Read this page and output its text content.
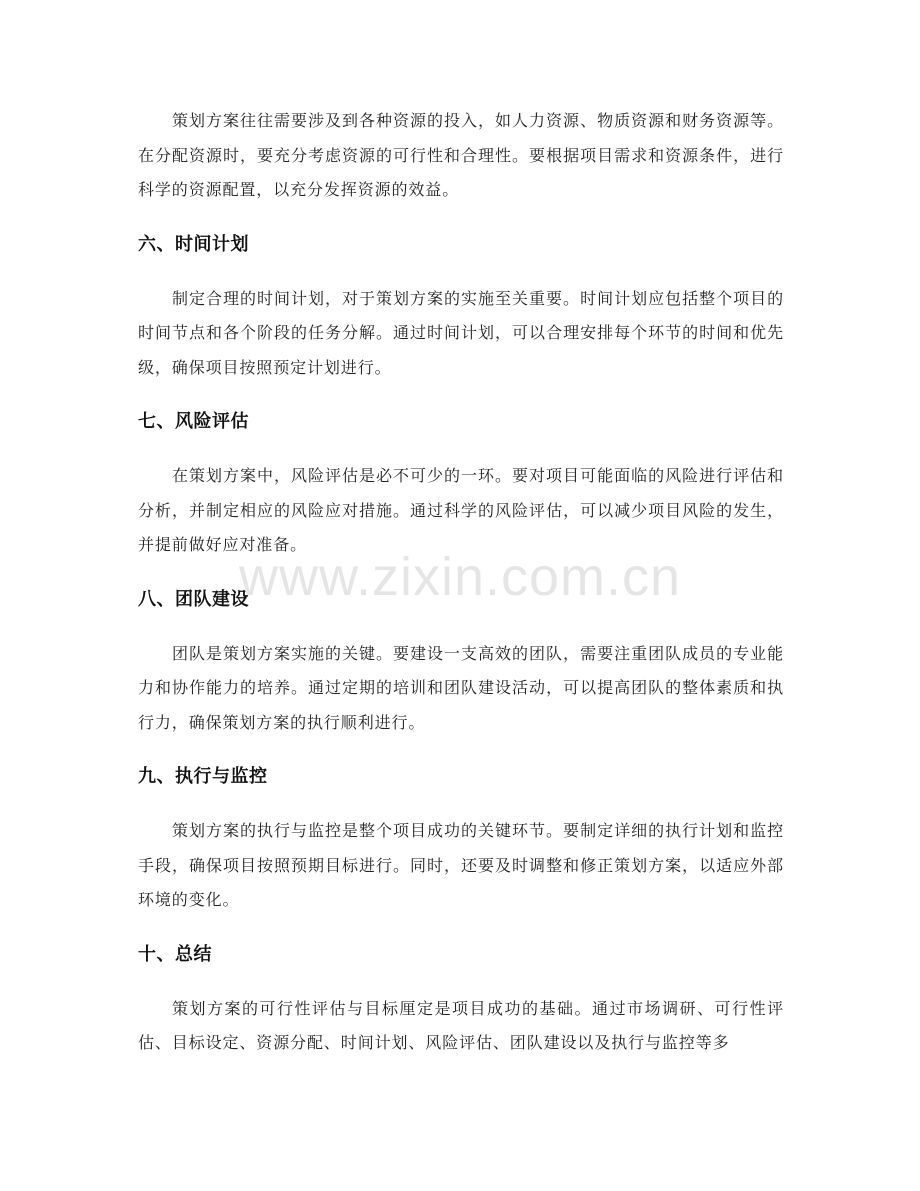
策划方案往往需要涉及到各种资源的投入，如人力资源、物质资源和财务资源等。在分配资源时，要充分考虑资源的可行性和合理性。要根据项目需求和资源条件，进行科学的资源配置，以充分发挥资源的效益。

六、时间计划

制定合理的时间计划，对于策划方案的实施至关重要。时间计划应包括整个项目的时间节点和各个阶段的任务分解。通过时间计划，可以合理安排每个环节的时间和优先级，确保项目按照预定计划进行。

七、风险评估

在策划方案中，风险评估是必不可少的一环。要对项目可能面临的风险进行评估和分析，并制定相应的风险应对措施。通过科学的风险评估，可以减少项目风险的发生，并提前做好应对准备。

八、团队建设

团队是策划方案实施的关键。要建设一支高效的团队，需要注重团队成员的专业能力和协作能力的培养。通过定期的培训和团队建设活动，可以提高团队的整体素质和执行力，确保策划方案的执行顺利进行。

九、执行与监控

策划方案的执行与监控是整个项目成功的关键环节。要制定详细的执行计划和监控手段，确保项目按照预期目标进行。同时，还要及时调整和修正策划方案，以适应外部环境的变化。

十、总结

策划方案的可行性评估与目标厘定是项目成功的基础。通过市场调研、可行性评估、目标设定、资源分配、时间计划、风险评估、团队建设以及执行与监控等多

www.zixin.com.cn
